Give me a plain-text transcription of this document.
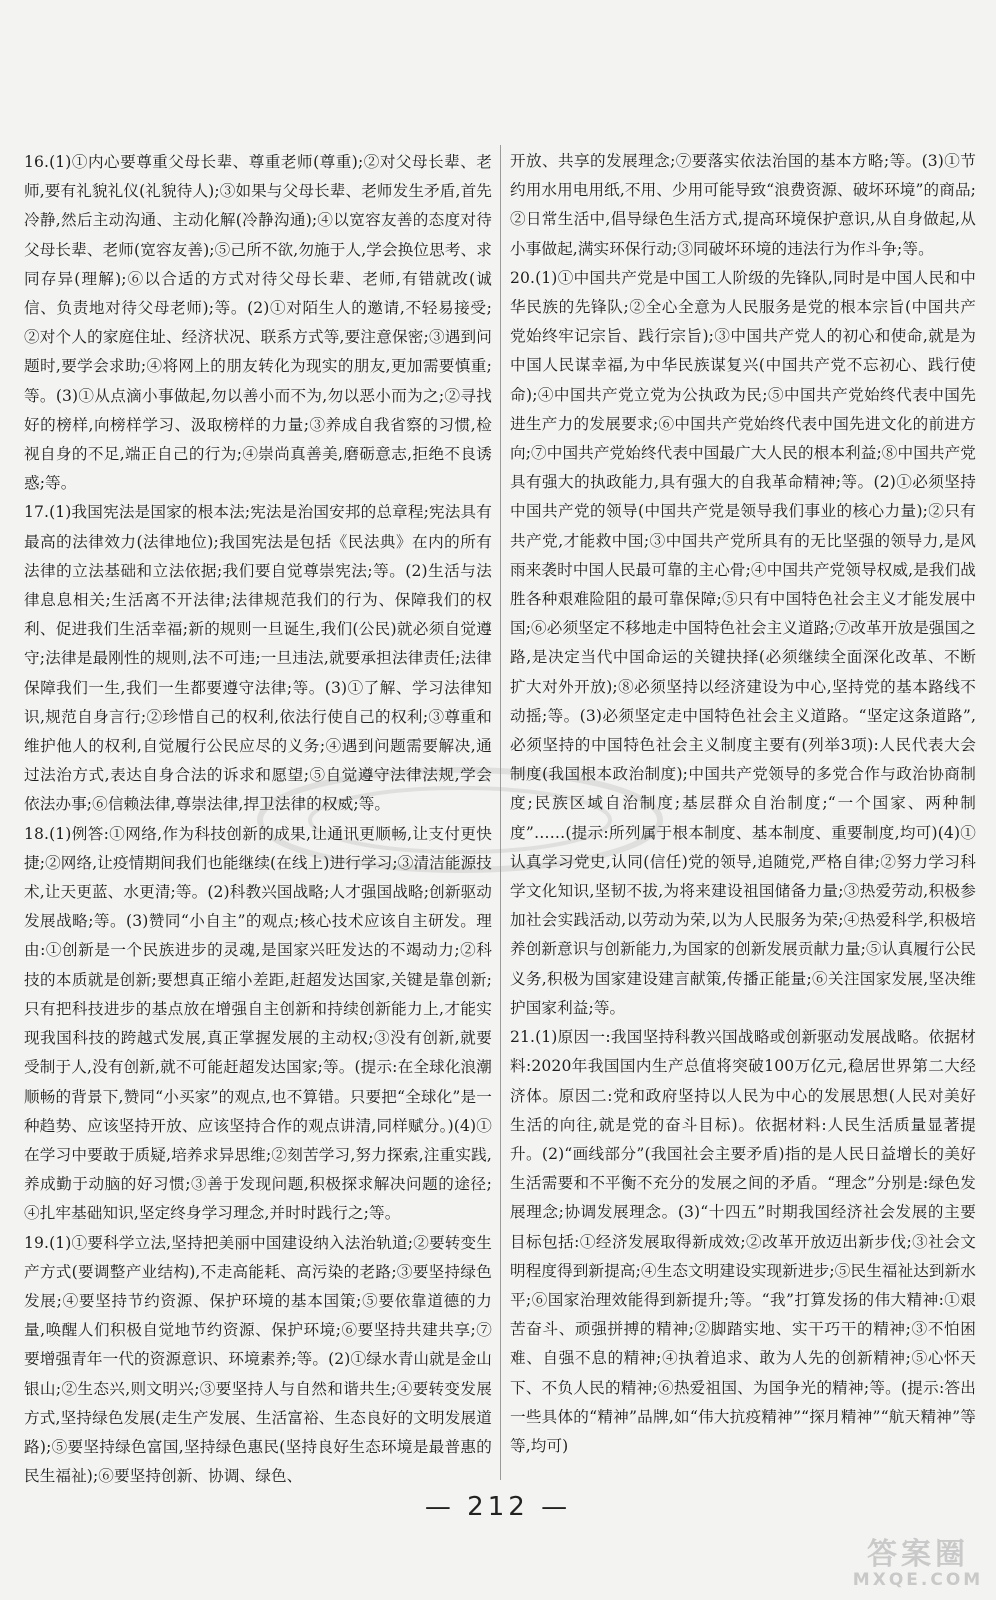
16.(1)①内心要尊重父母长辈、尊重老师(尊重);②对父母长辈、老师,要有礼貌礼仪(礼貌待人);③如果与父母长辈、老师发生矛盾,首先冷静,然后主动沟通、主动化解(冷静沟通);④以宽容友善的态度对待父母长辈、老师(宽容友善);⑤己所不欲,勿施于人,学会换位思考、求同存异(理解);⑥以合适的方式对待父母长辈、老师,有错就改(诚信、负责地对待父母老师);等。(2)①对陌生人的邀请,不轻易接受;②对个人的家庭住址、经济状况、联系方式等,要注意保密;③遇到问题时,要学会求助;④将网上的朋友转化为现实的朋友,更加需要慎重;等。(3)①从点滴小事做起,勿以善小而不为,勿以恶小而为之;②寻找好的榜样,向榜样学习、汲取榜样的力量;③养成自我省察的习惯,检视自身的不足,端正自己的行为;④崇尚真善美,磨砺意志,拒绝不良诱惑;等。

17.(1)我国宪法是国家的根本法;宪法是治国安邦的总章程;宪法具有最高的法律效力(法律地位);我国宪法是包括《民法典》在内的所有法律的立法基础和立法依据;我们要自觉尊崇宪法;等。(2)生活与法律息息相关;生活离不开法律;法律规范我们的行为、保障我们的权利、促进我们生活幸福;新的规则一旦诞生,我们(公民)就必须自觉遵守;法律是最刚性的规则,法不可违;一旦违法,就要承担法律责任;法律保障我们一生,我们一生都要遵守法律;等。(3)①了解、学习法律知识,规范自身言行;②珍惜自己的权利,依法行使自己的权利;③尊重和维护他人的权利,自觉履行公民应尽的义务;④遇到问题需要解决,通过法治方式,表达自身合法的诉求和愿望;⑤自觉遵守法律法规,学会依法办事;⑥信赖法律,尊崇法律,捍卫法律的权威;等。

18.(1)例答:①网络,作为科技创新的成果,让通讯更顺畅,让支付更快捷;②网络,让疫情期间我们也能继续(在线上)进行学习;③清洁能源技术,让天更蓝、水更清;等。(2)科教兴国战略;人才强国战略;创新驱动发展战略;等。(3)赞同“小自主”的观点;核心技术应该自主研发。理由:①创新是一个民族进步的灵魂,是国家兴旺发达的不竭动力;②科技的本质就是创新;要想真正缩小差距,赶超发达国家,关键是靠创新;只有把科技进步的基点放在增强自主创新和持续创新能力上,才能实现我国科技的跨越式发展,真正掌握发展的主动权;③没有创新,就要受制于人,没有创新,就不可能赶超发达国家;等。(提示:在全球化浪潮顺畅的背景下,赞同“小买家”的观点,也不算错。只要把“全球化”是一种趋势、应该坚持开放、应该坚持合作的观点讲清,同样赋分。)(4)①在学习中要敢于质疑,培养求异思维;②刻苦学习,努力探索,注重实践,养成勤于动脑的好习惯;③善于发现问题,积极探求解决问题的途径;④扎牢基础知识,坚定终身学习理念,并时时践行之;等。

19.(1)①要科学立法,坚持把美丽中国建设纳入法治轨道;②要转变生产方式(要调整产业结构),不走高能耗、高污染的老路;③要坚持绿色发展;④要坚持节约资源、保护环境的基本国策;⑤要依靠道德的力量,唤醒人们积极自觉地节约资源、保护环境;⑥要坚持共建共享;⑦要增强青年一代的资源意识、环境素养;等。(2)①绿水青山就是金山银山;②生态兴,则文明兴;③要坚持人与自然和谐共生;④要转变发展方式,坚持绿色发展(走生产发展、生活富裕、生态良好的文明发展道路);⑤要坚持绿色富国,坚持绿色惠民(坚持良好生态环境是最普惠的民生福祉);⑥要坚持创新、协调、绿色、

开放、共享的发展理念;⑦要落实依法治国的基本方略;等。(3)①节约用水用电用纸,不用、少用可能导致“浪费资源、破坏环境”的商品;②日常生活中,倡导绿色生活方式,提高环境保护意识,从自身做起,从小事做起,满实环保行动;③同破坏环境的违法行为作斗争;等。

20.(1)①中国共产党是中国工人阶级的先锋队,同时是中国人民和中华民族的先锋队;②全心全意为人民服务是党的根本宗旨(中国共产党始终牢记宗旨、践行宗旨);③中国共产党人的初心和使命,就是为中国人民谋幸福,为中华民族谋复兴(中国共产党不忘初心、践行使命);④中国共产党立党为公执政为民;⑤中国共产党始终代表中国先进生产力的发展要求;⑥中国共产党始终代表中国先进文化的前进方向;⑦中国共产党始终代表中国最广大人民的根本利益;⑧中国共产党具有强大的执政能力,具有强大的自我革命精神;等。(2)①必须坚持中国共产党的领导(中国共产党是领导我们事业的核心力量);②只有共产党,才能救中国;③中国共产党所具有的无比坚强的领导力,是风雨来袭时中国人民最可靠的主心骨;④中国共产党领导权威,是我们战胜各种艰难险阻的最可靠保障;⑤只有中国特色社会主义才能发展中国;⑥必须坚定不移地走中国特色社会主义道路;⑦改革开放是强国之路,是决定当代中国命运的关键抉择(必须继续全面深化改革、不断扩大对外开放);⑧必须坚持以经济建设为中心,坚持党的基本路线不动摇;等。(3)必须坚定走中国特色社会主义道路。“坚定这条道路”,必须坚持的中国特色社会主义制度主要有(列举3项):人民代表大会制度(我国根本政治制度);中国共产党领导的多党合作与政治协商制度;民族区域自治制度;基层群众自治制度;“一个国家、两种制度”……(提示:所列属于根本制度、基本制度、重要制度,均可)(4)①认真学习党史,认同(信任)党的领导,追随党,严格自律;②努力学习科学文化知识,坚韧不拔,为将来建设祖国储备力量;③热爱劳动,积极参加社会实践活动,以劳动为荣,以为人民服务为荣;④热爱科学,积极培养创新意识与创新能力,为国家的创新发展贡献力量;⑤认真履行公民义务,积极为国家建设建言献策,传播正能量;⑥关注国家发展,坚决维护国家利益;等。

21.(1)原因一:我国坚持科教兴国战略或创新驱动发展战略。依据材料:2020年我国国内生产总值将突破100万亿元,稳居世界第二大经济体。原因二:党和政府坚持以人民为中心的发展思想(人民对美好生活的向往,就是党的奋斗目标)。依据材料:人民生活质量显著提升。(2)“画线部分”(我国社会主要矛盾)指的是人民日益增长的美好生活需要和不平衡不充分的发展之间的矛盾。“理念”分别是:绿色发展理念;协调发展理念。(3)“十四五”时期我国经济社会发展的主要目标包括:①经济发展取得新成效;②改革开放迈出新步伐;③社会文明程度得到新提高;④生态文明建设实现新进步;⑤民生福祉达到新水平;⑥国家治理效能得到新提升;等。“我”打算发扬的伟大精神:①艰苦奋斗、顽强拼搏的精神;②脚踏实地、实干巧干的精神;③不怕困难、自强不息的精神;④执着追求、敢为人先的创新精神;⑤心怀天下、不负人民的精神;⑥热爱祖国、为国争光的精神;等。(提示:答出一些具体的“精神”品牌,如“伟大抗疫精神”“探月精神”“航天精神”等等,均可)

— 212 —
答案圈
MXQE.COM
